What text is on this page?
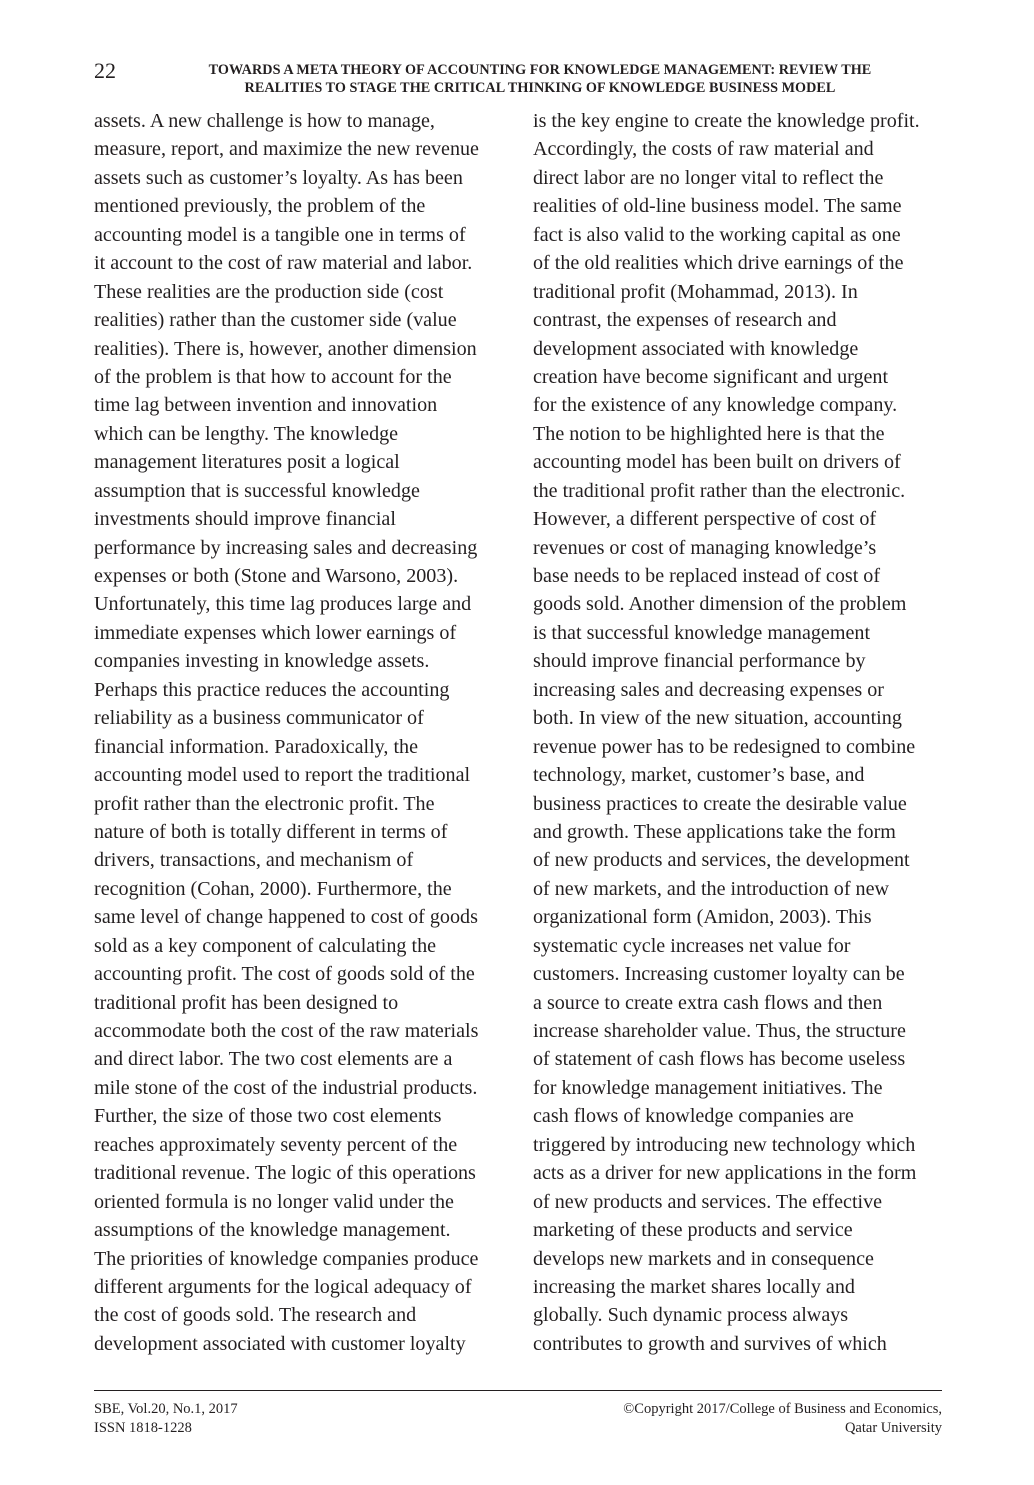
22	TOWARDS A META THEORY OF ACCOUNTING FOR KNOWLEDGE MANAGEMENT: REVIEW THE
REALITIES TO STAGE THE CRITICAL THINKING OF KNOWLEDGE BUSINESS MODEL
assets. A new challenge is how to manage,
measure, report, and maximize the new revenue
assets such as customer’s loyalty. As has been
mentioned previously, the problem of the
accounting model is a tangible one in terms of
it account to the cost of raw material and labor.
These realities are the production side (cost
realities) rather than the customer side (value
realities). There is, however, another dimension
of the problem is that how to account for the
time lag between invention and innovation
which can be lengthy. The knowledge
management literatures posit a logical
assumption that is successful knowledge
investments should improve financial
performance by increasing sales and decreasing
expenses or both (Stone and Warsono, 2003).
Unfortunately, this time lag produces large and
immediate expenses which lower earnings of
companies investing in knowledge assets.
Perhaps this practice reduces the accounting
reliability as a business communicator of
financial information. Paradoxically, the
accounting model used to report the traditional
profit rather than the electronic profit. The
nature of both is totally different in terms of
drivers, transactions, and mechanism of
recognition (Cohan, 2000). Furthermore, the
same level of change happened to cost of goods
sold as a key component of calculating the
accounting profit. The cost of goods sold of the
traditional profit has been designed to
accommodate both the cost of the raw materials
and direct labor. The two cost elements are a
mile stone of the cost of the industrial products.
Further, the size of those two cost elements
reaches approximately seventy percent of the
traditional revenue. The logic of this operations
oriented formula is no longer valid under the
assumptions of the knowledge management.
The priorities of knowledge companies produce
different arguments for the logical adequacy of
the cost of goods sold. The research and
development associated with customer loyalty
is the key engine to create the knowledge profit.
Accordingly, the costs of raw material and
direct labor are no longer vital to reflect the
realities of old-line business model. The same
fact is also valid to the working capital as one
of the old realities which drive earnings of the
traditional profit (Mohammad, 2013). In
contrast, the expenses of research and
development associated with knowledge
creation have become significant and urgent
for the existence of any knowledge company.
The notion to be highlighted here is that the
accounting model has been built on drivers of
the traditional profit rather than the electronic.
However, a different perspective of cost of
revenues or cost of managing knowledge’s
base needs to be replaced instead of cost of
goods sold. Another dimension of the problem
is that successful knowledge management
should improve financial performance by
increasing sales and decreasing expenses or
both. In view of the new situation, accounting
revenue power has to be redesigned to combine
technology, market, customer’s base, and
business practices to create the desirable value
and growth. These applications take the form
of new products and services, the development
of new markets, and the introduction of new
organizational form (Amidon, 2003). This
systematic cycle increases net value for
customers. Increasing customer loyalty can be
a source to create extra cash flows and then
increase shareholder value. Thus, the structure
of statement of cash flows has become useless
for knowledge management initiatives. The
cash flows of knowledge companies are
triggered by introducing new technology which
acts as a driver for new applications in the form
of new products and services. The effective
marketing of these products and service
develops new markets and in consequence
increasing the market shares locally and
globally. Such dynamic process always
contributes to growth and survives of which
SBE, Vol.20, No.1, 2017
ISSN 1818-1228
©Copyright 2017/College of Business and Economics,
Qatar University
